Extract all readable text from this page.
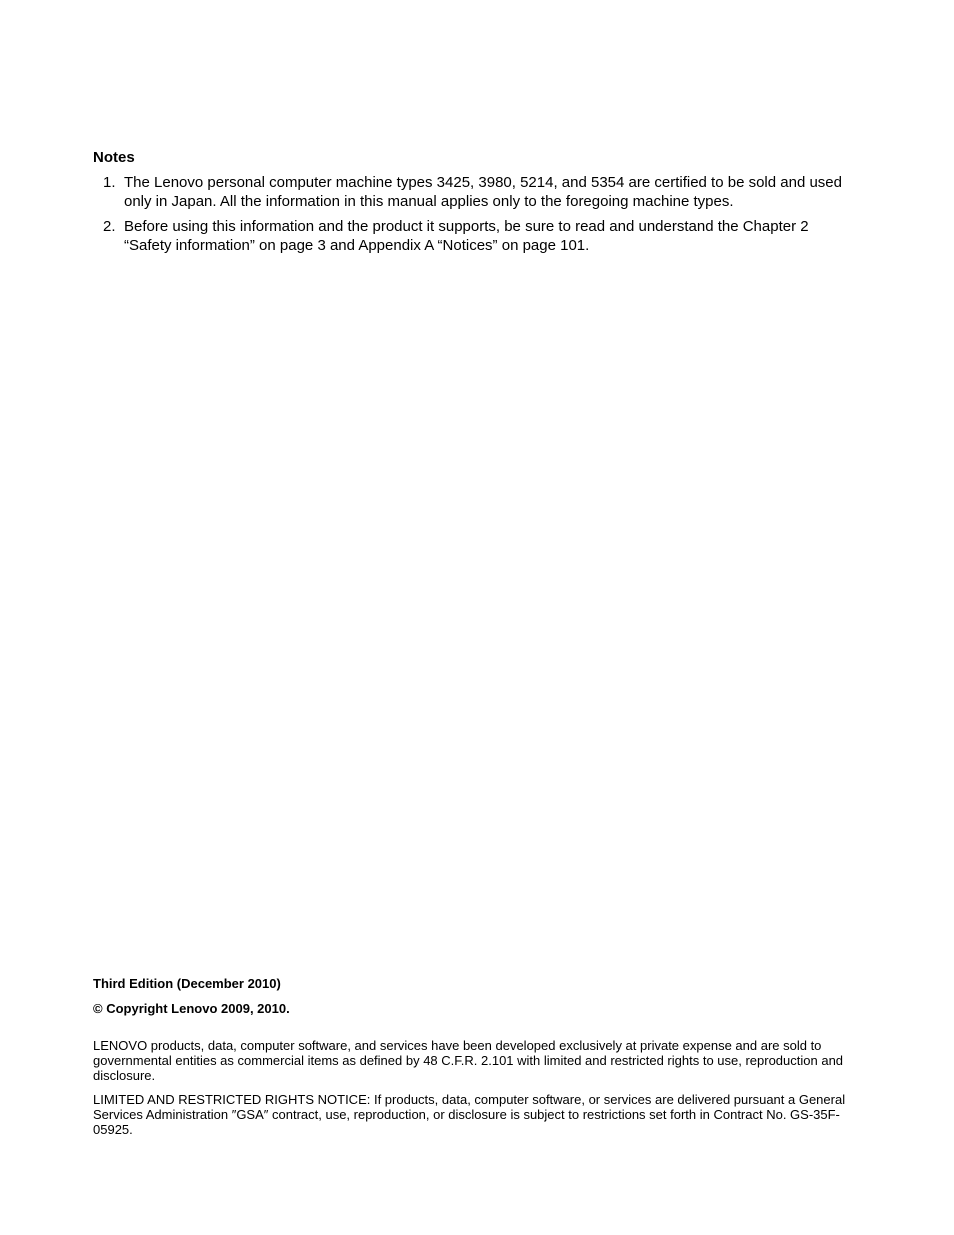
Notes
1. The Lenovo personal computer machine types 3425, 3980, 5214, and 5354 are certified to be sold and used only in Japan. All the information in this manual applies only to the foregoing machine types.
2. Before using this information and the product it supports, be sure to read and understand the Chapter 2 “Safety information” on page 3 and Appendix A “Notices” on page 101.

Third Edition (December 2010)

© Copyright Lenovo 2009, 2010.

LENOVO products, data, computer software, and services have been developed exclusively at private expense and are sold to governmental entities as commercial items as defined by 48 C.F.R. 2.101 with limited and restricted rights to use, reproduction and disclosure.

LIMITED AND RESTRICTED RIGHTS NOTICE: If products, data, computer software, or services are delivered pursuant a General Services Administration ″GSA″ contract, use, reproduction, or disclosure is subject to restrictions set forth in Contract No. GS-35F-05925.
